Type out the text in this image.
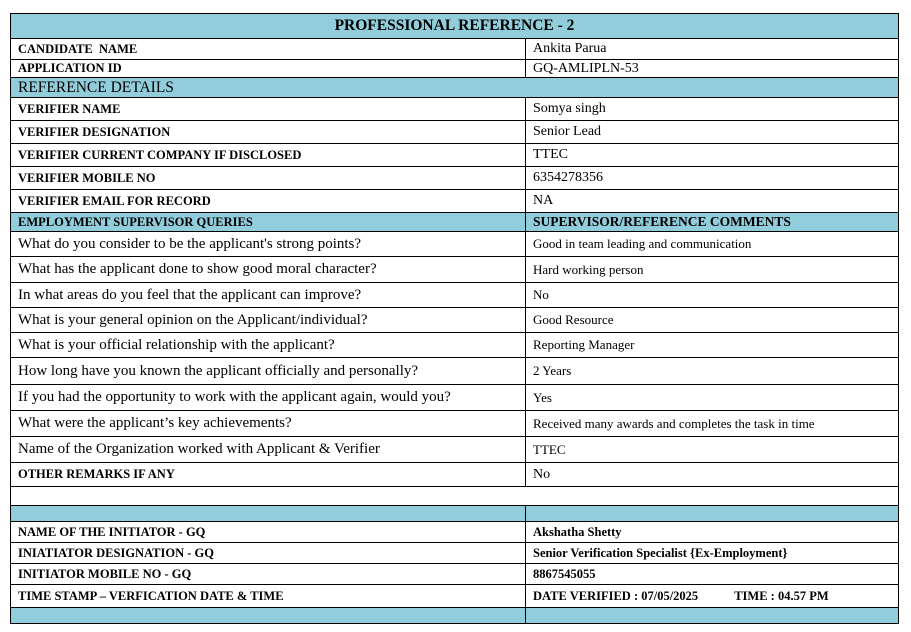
PROFESSIONAL REFERENCE - 2	
CANDIDATE  NAME	Ankita Parua
APPLICATION ID	GQ-AMLIPLN-53
REFERENCE DETAILS	
VERIFIER NAME	Somya singh
VERIFIER DESIGNATION	Senior Lead
VERIFIER CURRENT COMPANY IF DISCLOSED	TTEC
VERIFIER MOBILE NO	6354278356
VERIFIER EMAIL FOR RECORD	NA
EMPLOYMENT SUPERVISOR QUERIES	SUPERVISOR/REFERENCE COMMENTS
What do you consider to be the applicant's strong points?	Good in team leading and communication
What has the applicant done to show good moral character?	Hard working person
In what areas do you feel that the applicant can improve?	No
What is your general opinion on the Applicant/individual?	Good Resource
What is your official relationship with the applicant?	Reporting Manager
How long have you known the applicant officially and personally?	2 Years
If you had the opportunity to work with the applicant again, would you?	Yes
What were the applicant’s key achievements?	Received many awards and completes the task in time
Name of the Organization worked with Applicant & Verifier	TTEC
OTHER REMARKS IF ANY	No

NAME OF THE INITIATOR - GQ	Akshatha Shetty
INIATIATOR DESIGNATION - GQ	Senior Verification Specialist {Ex-Employment}
INITIATOR MOBILE NO - GQ	8867545055
TIME STAMP – VERFICATION DATE & TIME	DATE VERIFIED : 07/05/2025 TIME : 04.57 PM
